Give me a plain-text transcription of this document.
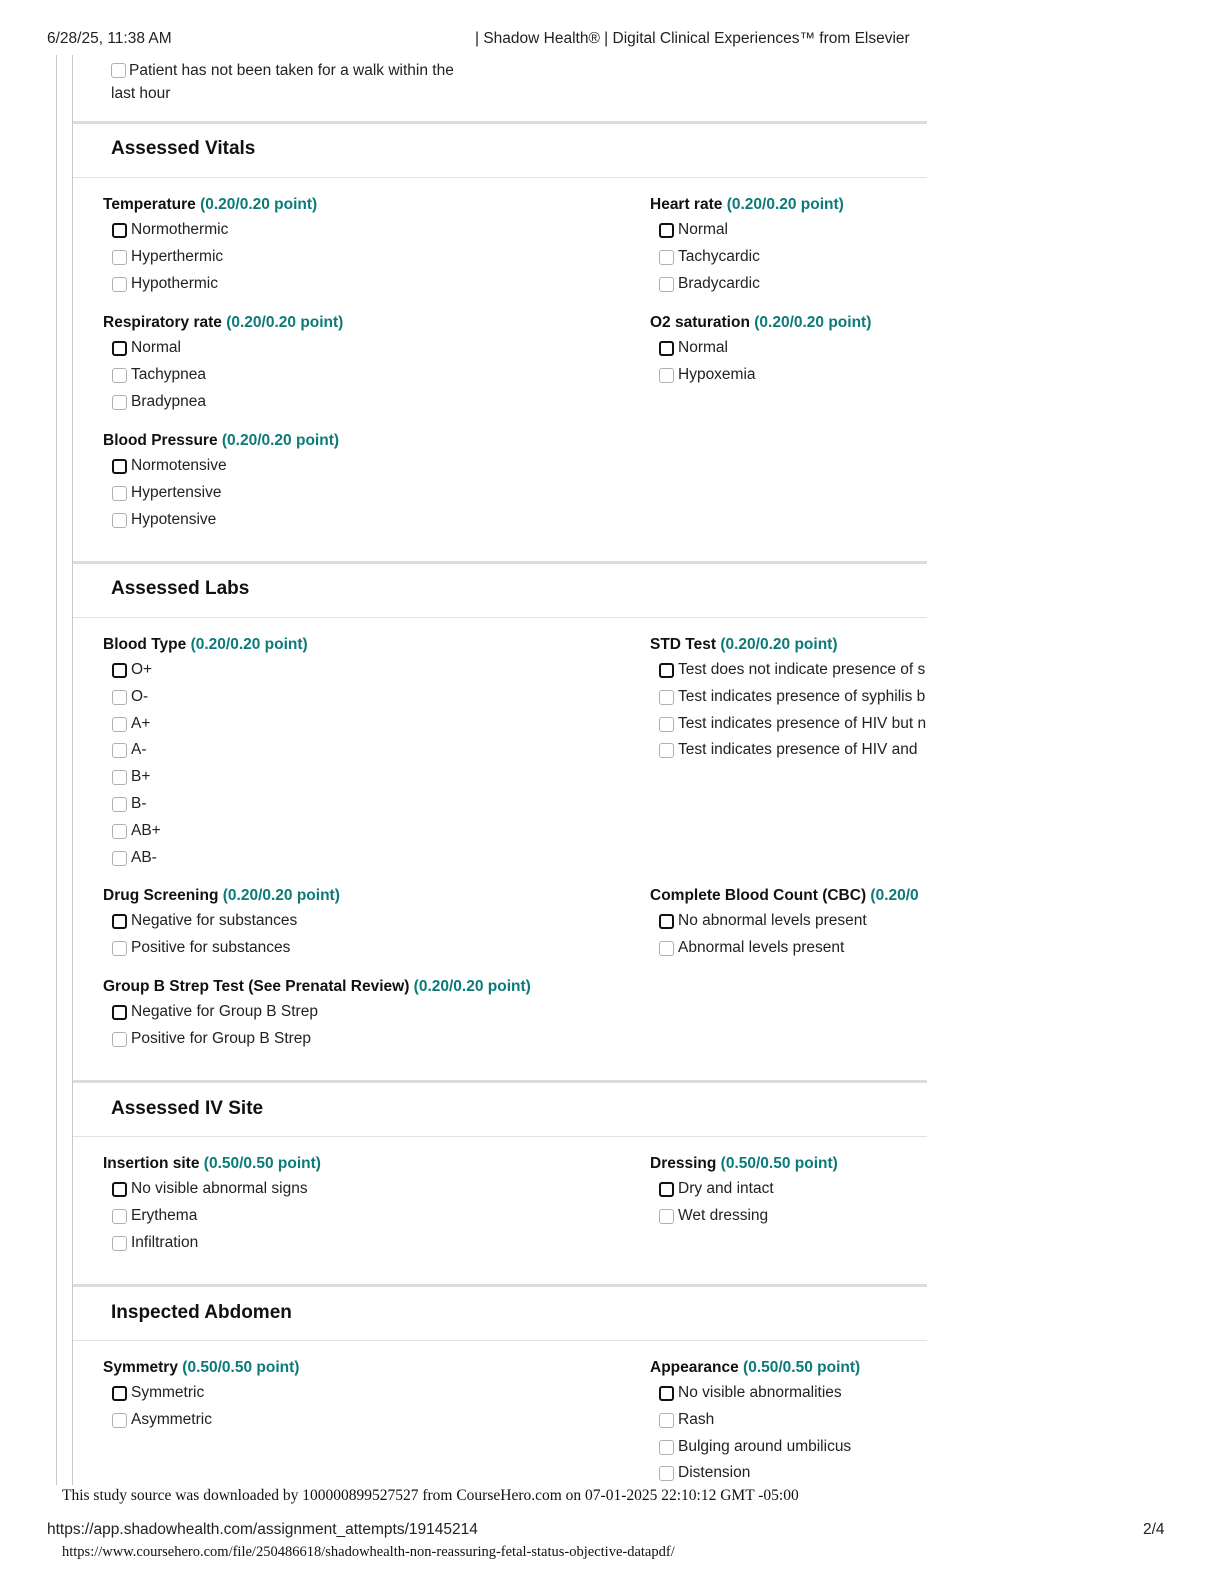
6/28/25, 11:38 AM	| Shadow Health® | Digital Clinical Experiences™ from Elsevier
Patient has not been taken for a walk within the last hour
Assessed Vitals
Temperature (0.20/0.20 point)
Normothermic
Hyperthermic
Hypothermic
Heart rate (0.20/0.20 point)
Normal
Tachycardic
Bradycardic
Respiratory rate (0.20/0.20 point)
Normal
Tachypnea
Bradypnea
O2 saturation (0.20/0.20 point)
Normal
Hypoxemia
Blood Pressure (0.20/0.20 point)
Normotensive
Hypertensive
Hypotensive
Assessed Labs
Blood Type (0.20/0.20 point)
O+
O-
A+
A-
B+
B-
AB+
AB-
STD Test (0.20/0.20 point)
Test does not indicate presence of s
Test indicates presence of syphilis b
Test indicates presence of HIV but n
Test indicates presence of HIV and
Drug Screening (0.20/0.20 point)
Negative for substances
Positive for substances
Complete Blood Count (CBC) (0.20/0
No abnormal levels present
Abnormal levels present
Group B Strep Test (See Prenatal Review) (0.20/0.20 point)
Negative for Group B Strep
Positive for Group B Strep
Assessed IV Site
Insertion site (0.50/0.50 point)
No visible abnormal signs
Erythema
Infiltration
Dressing (0.50/0.50 point)
Dry and intact
Wet dressing
Inspected Abdomen
Symmetry (0.50/0.50 point)
Symmetric
Asymmetric
Appearance (0.50/0.50 point)
No visible abnormalities
Rash
Bulging around umbilicus
Distension
This study source was downloaded by 100000899527527 from CourseHero.com on 07-01-2025 22:10:12 GMT -05:00
https://app.shadowhealth.com/assignment_attempts/19145214	2/4
https://www.coursehero.com/file/250486618/shadowhealth-non-reassuring-fetal-status-objective-datapdf/
